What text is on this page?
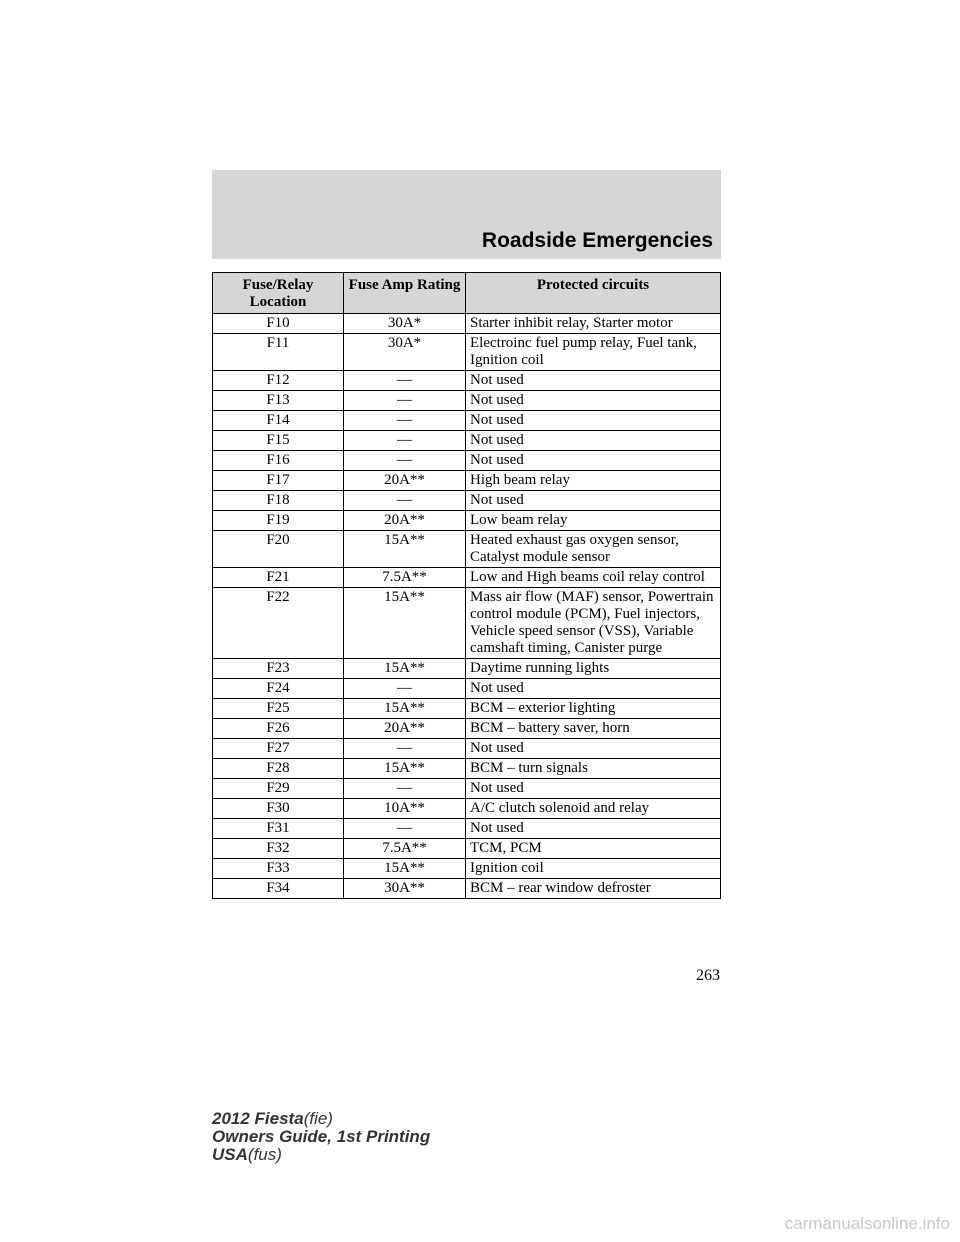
Roadside Emergencies
Fuse/Relay Location	Fuse Amp Rating	Protected circuits
F10	30A*	Starter inhibit relay, Starter motor
F11	30A*	Electroinc fuel pump relay, Fuel tank, Ignition coil
F12	—	Not used
F13	—	Not used
F14	—	Not used
F15	—	Not used
F16	—	Not used
F17	20A**	High beam relay
F18	—	Not used
F19	20A**	Low beam relay
F20	15A**	Heated exhaust gas oxygen sensor, Catalyst module sensor
F21	7.5A**	Low and High beams coil relay control
F22	15A**	Mass air flow (MAF) sensor, Powertrain control module (PCM), Fuel injectors, Vehicle speed sensor (VSS), Variable camshaft timing, Canister purge
F23	15A**	Daytime running lights
F24	—	Not used
F25	15A**	BCM – exterior lighting
F26	20A**	BCM – battery saver, horn
F27	—	Not used
F28	15A**	BCM – turn signals
F29	—	Not used
F30	10A**	A/C clutch solenoid and relay
F31	—	Not used
F32	7.5A**	TCM, PCM
F33	15A**	Ignition coil
F34	30A**	BCM – rear window defroster
263
2012 Fiesta(fie)
Owners Guide, 1st Printing
USA(fus)
carmanualsonline.info
